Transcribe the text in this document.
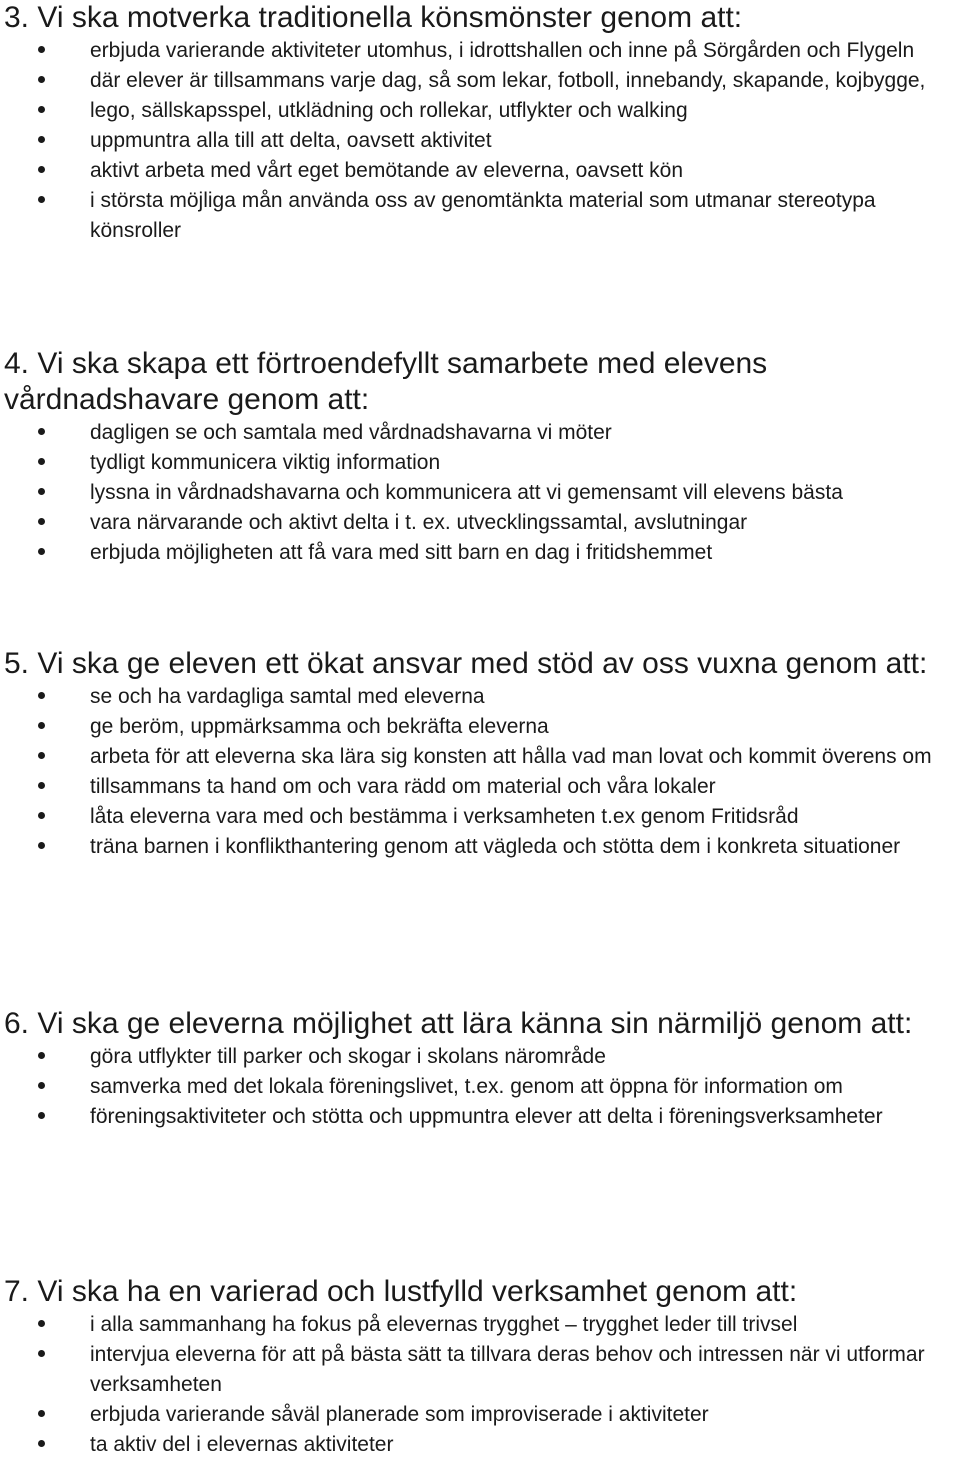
3. Vi ska motverka traditionella könsmönster genom att:
erbjuda varierande aktiviteter utomhus, i idrottshallen och inne på Sörgården och Flygeln
där elever är tillsammans varje dag, så som lekar, fotboll, innebandy, skapande, kojbygge,
lego, sällskapsspel, utklädning och rollekar, utflykter och walking
uppmuntra alla till att delta, oavsett aktivitet
aktivt arbeta med vårt eget bemötande av eleverna, oavsett kön
i största möjliga mån använda oss av genomtänkta material som utmanar stereotypa könsroller
4. Vi ska skapa ett förtroendefyllt samarbete med elevens vårdnadshavare genom att:
dagligen se och samtala med vårdnadshavarna vi möter
tydligt kommunicera viktig information
lyssna in vårdnadshavarna och kommunicera att vi gemensamt vill elevens bästa
vara närvarande och aktivt delta i t. ex. utvecklingssamtal, avslutningar
erbjuda möjligheten att få vara med sitt barn en dag i fritidshemmet
5. Vi ska ge eleven ett ökat ansvar med stöd av oss vuxna genom att:
se och ha vardagliga samtal med eleverna
ge beröm, uppmärksamma och bekräfta eleverna
arbeta för att eleverna ska lära sig konsten att hålla vad man lovat och kommit överens om
tillsammans ta hand om och vara rädd om material och våra lokaler
låta eleverna vara med och bestämma i verksamheten t.ex genom Fritidsråd
träna barnen i konflikthantering genom att vägleda och stötta dem i konkreta situationer
6. Vi ska ge eleverna möjlighet att lära känna sin närmiljö genom att:
göra utflykter till parker och skogar i skolans närområde
samverka med det lokala föreningslivet, t.ex. genom att öppna för information om
föreningsaktiviteter och stötta och uppmuntra elever att delta i föreningsverksamheter
7. Vi ska ha en varierad och lustfylld verksamhet genom att:
i alla sammanhang ha fokus på elevernas trygghet – trygghet leder till trivsel
intervjua eleverna för att på bästa sätt ta tillvara deras behov och intressen när vi utformar verksamheten
erbjuda varierande såväl planerade som improviserade i aktiviteter
ta aktiv del i elevernas aktiviteter
